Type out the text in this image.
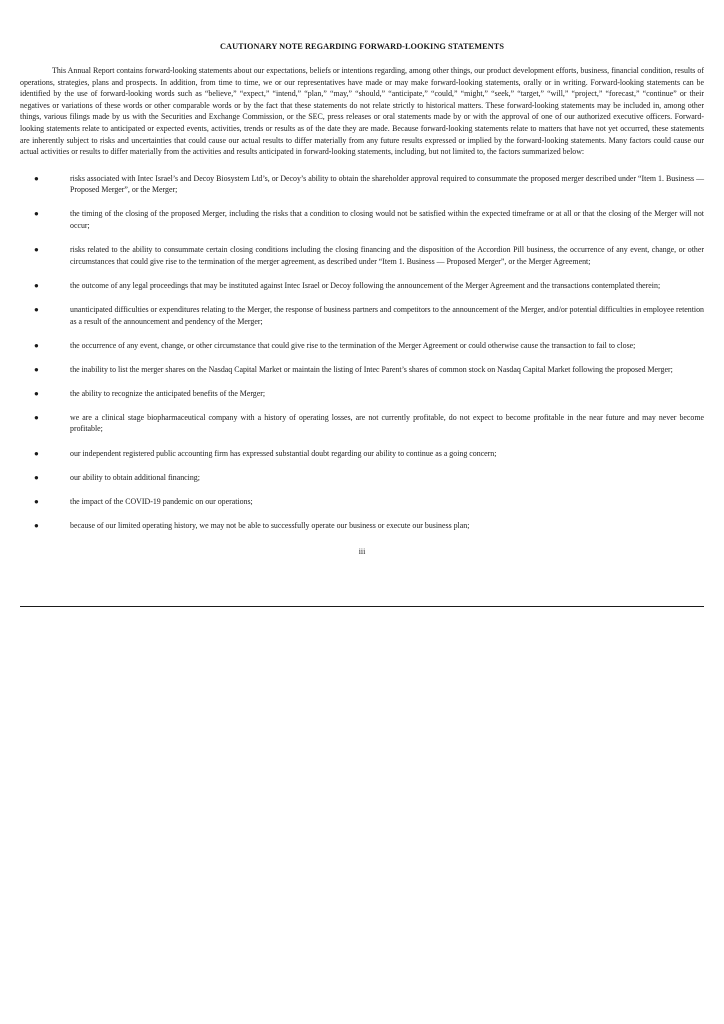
CAUTIONARY NOTE REGARDING FORWARD-LOOKING STATEMENTS

This Annual Report contains forward-looking statements about our expectations, beliefs or intentions regarding, among other things, our product development efforts, business, financial condition, results of operations, strategies, plans and prospects. In addition, from time to time, we or our representatives have made or may make forward-looking statements, orally or in writing. Forward-looking statements can be identified by the use of forward-looking words such as “believe,” “expect,” “intend,” “plan,” “may,” “should,” “anticipate,” “could,” “might,” “seek,” “target,” “will,” “project,” “forecast,” “continue” or their negatives or variations of these words or other comparable words or by the fact that these statements do not relate strictly to historical matters. These forward-looking statements may be included in, among other things, various filings made by us with the Securities and Exchange Commission, or the SEC, press releases or oral statements made by or with the approval of one of our authorized executive officers. Forward-looking statements relate to anticipated or expected events, activities, trends or results as of the date they are made. Because forward-looking statements relate to matters that have not yet occurred, these statements are inherently subject to risks and uncertainties that could cause our actual results to differ materially from any future results expressed or implied by the forward-looking statements. Many factors could cause our actual activities or results to differ materially from the activities and results anticipated in forward-looking statements, including, but not limited to, the factors summarized below:

●	risks associated with Intec Israel’s and Decoy Biosystem Ltd’s, or Decoy’s ability to obtain the shareholder approval required to consummate the proposed merger described under “Item 1. Business — Proposed Merger”, or the Merger;
●	the timing of the closing of the proposed Merger, including the risks that a condition to closing would not be satisfied within the expected timeframe or at all or that the closing of the Merger will not occur;
●	risks related to the ability to consummate certain closing conditions including the closing financing and the disposition of the Accordion Pill business, the occurrence of any event, change, or other circumstances that could give rise to the termination of the merger agreement, as described under “Item 1. Business — Proposed Merger”, or the Merger Agreement;
●	the outcome of any legal proceedings that may be instituted against Intec Israel or Decoy following the announcement of the Merger Agreement and the transactions contemplated therein;
●	unanticipated difficulties or expenditures relating to the Merger, the response of business partners and competitors to the announcement of the Merger, and/or potential difficulties in employee retention as a result of the announcement and pendency of the Merger;
●	the occurrence of any event, change, or other circumstance that could give rise to the termination of the Merger Agreement or could otherwise cause the transaction to fail to close;
●	the inability to list the merger shares on the Nasdaq Capital Market or maintain the listing of Intec Parent’s shares of common stock on Nasdaq Capital Market following the proposed Merger;
●	the ability to recognize the anticipated benefits of the Merger;
●	we are a clinical stage biopharmaceutical company with a history of operating losses, are not currently profitable, do not expect to become profitable in the near future and may never become profitable;
●	our independent registered public accounting firm has expressed substantial doubt regarding our ability to continue as a going concern;
●	our ability to obtain additional financing;
●	the impact of the COVID-19 pandemic on our operations;
●	because of our limited operating history, we may not be able to successfully operate our business or execute our business plan;
iii
